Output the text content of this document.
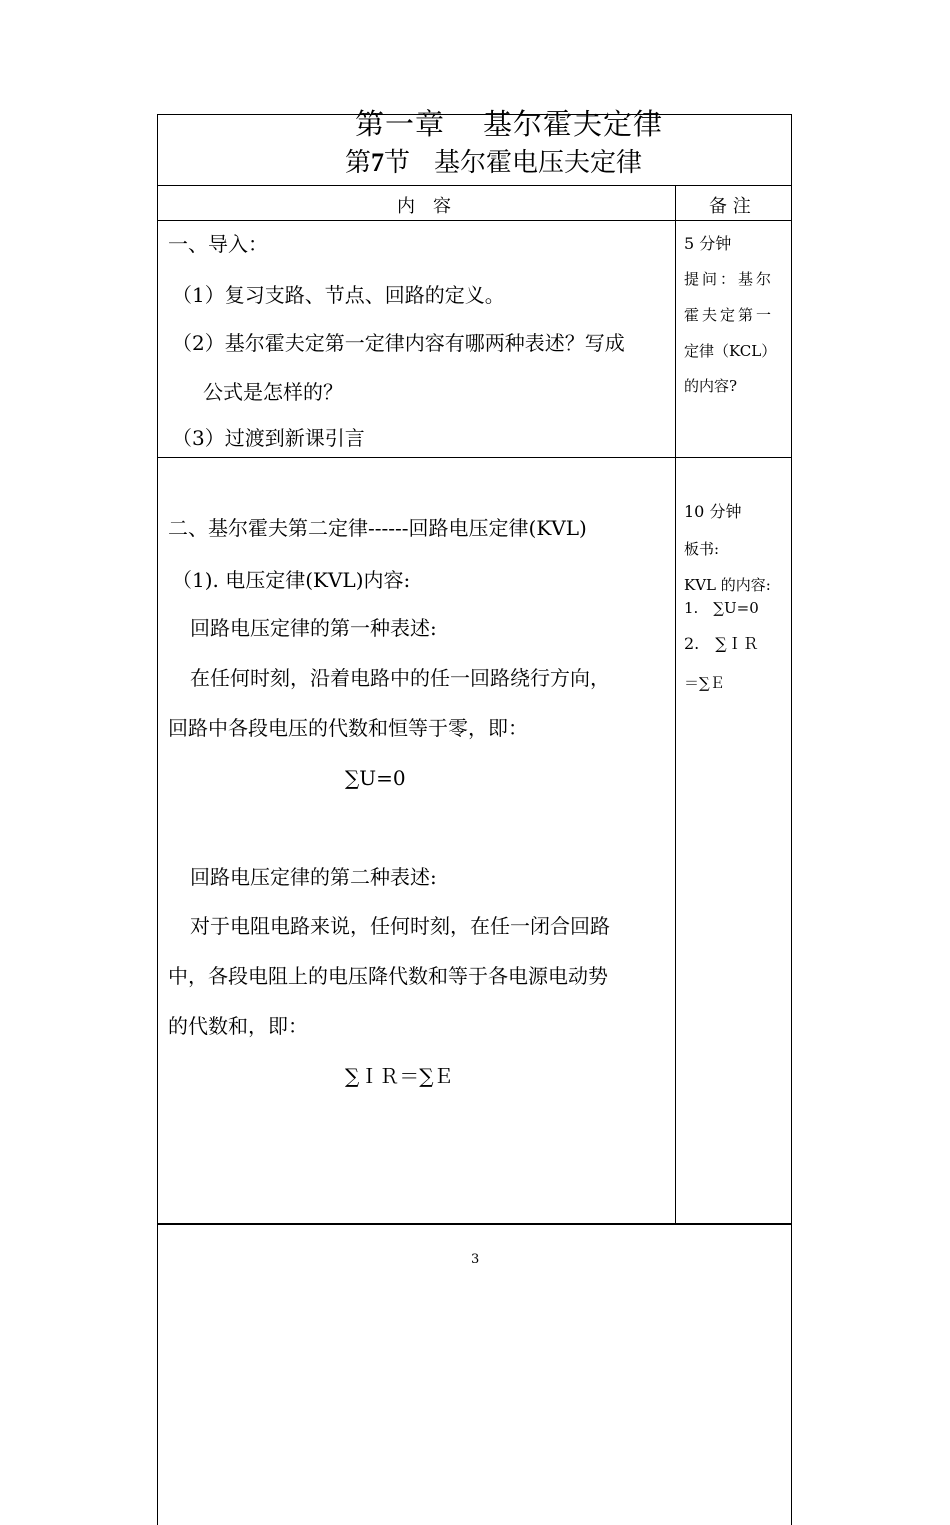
第一章 基尔霍夫定律
第7节 基尔霍电压夫定律
内　容	备 注
一、导入：
（1）复习支路、节点、回路的定义。
（2）基尔霍夫定第一定律内容有哪两种表述？写成
公式是怎样的？
（3）过渡到新课引言
5 分钟
提问：基尔
霍夫定第一
定律（KCL）
的内容?
二、基尔霍夫第二定律------回路电压定律(KVL)
（1). 电压定律(KVL)内容:
回路电压定律的第一种表述:
在任何时刻，沿着电路中的任一回路绕行方向，
回路中各段电压的代数和恒等于零，即：
∑U=0
回路电压定律的第二种表述:
对于电阻电路来说，任何时刻，在任一闭合回路
中，各段电阻上的电压降代数和等于各电源电动势
的代数和，即：
∑ＩＲ＝∑Ｅ
10 分钟
板书:
KVL 的内容:
1.　∑U=0
2.　∑ＩＲ
＝∑Ｅ
3
